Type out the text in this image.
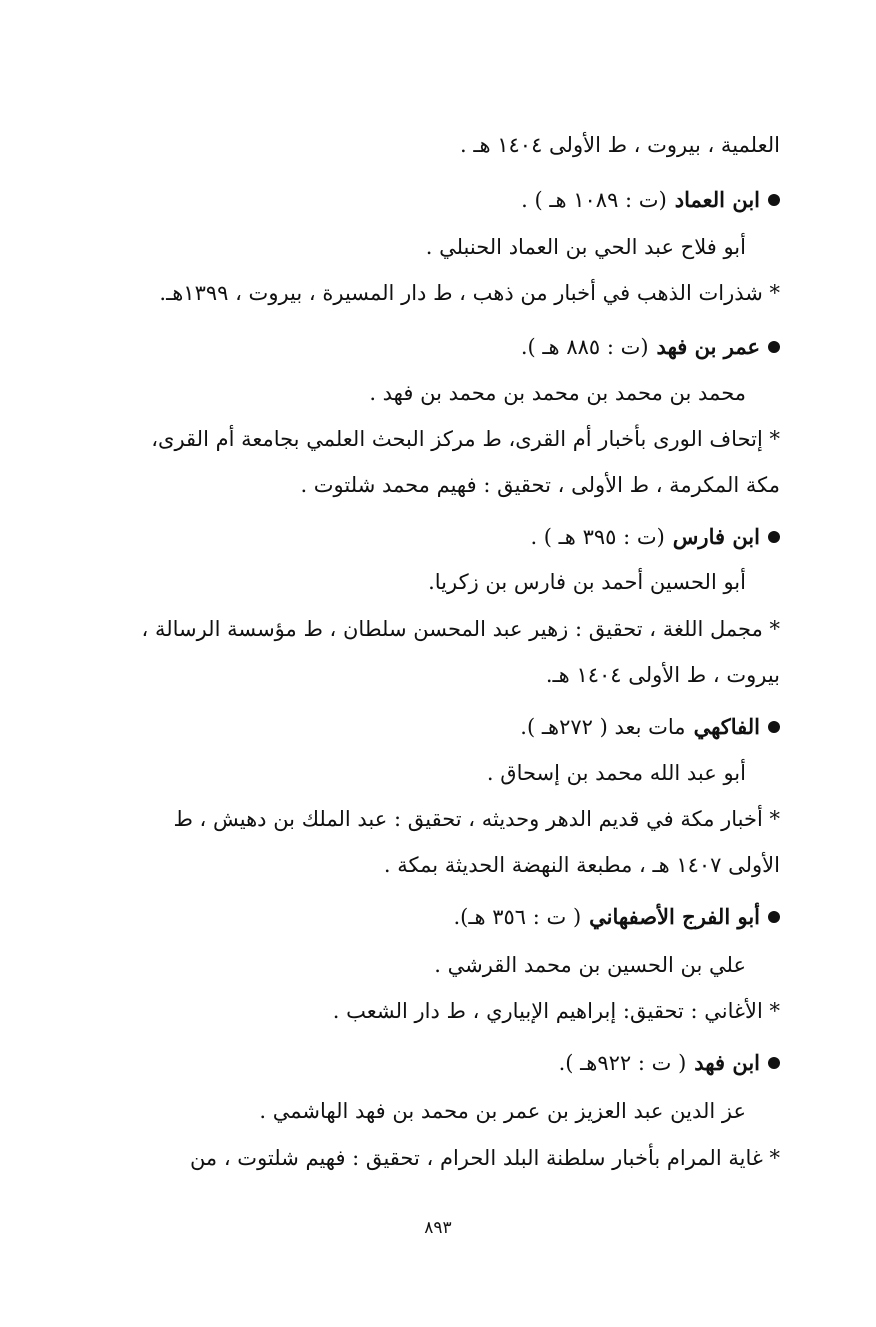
العلمية ، بيروت ، ط الأولى ١٤٠٤ هـ .
ابن العماد
(ت : ١٠٨٩ هـ ) .
أبو فلاح عبد الحي بن العماد الحنبلي .
* شذرات الذهب في أخبار من ذهب ، ط دار المسيرة ، بيروت ، ١٣٩٩هـ.
عمر بن فهد
(ت : ٨٨٥ هـ ).
محمد بن محمد بن محمد بن محمد بن فهد .
* إتحاف الورى بأخبار أم القرى، ط مركز البحث العلمي بجامعة أم القرى،
مكة المكرمة ، ط الأولى ، تحقيق : فهيم محمد شلتوت .
ابن فارس
(ت : ٣٩٥ هـ ) .
أبو الحسين أحمد بن فارس بن زكريا.
* مجمل اللغة ، تحقيق : زهير عبد المحسن سلطان ، ط مؤسسة الرسالة ،
بيروت ، ط الأولى ١٤٠٤ هـ.
الفاكهي
مات بعد ( ٢٧٢هـ ).
أبو عبد الله محمد بن إسحاق .
* أخبار مكة في قديم الدهر وحديثه ، تحقيق : عبد الملك بن دهيش ، ط
الأولى ١٤٠٧ هـ ، مطبعة النهضة الحديثة بمكة .
أبو الفرج الأصفهاني
( ت : ٣٥٦ هـ).
علي بن الحسين بن محمد القرشي .
* الأغاني : تحقيق: إبراهيم الإبياري ، ط دار الشعب .
ابن فهد
( ت : ٩٢٢هـ ).
عز الدين عبد العزيز بن عمر بن محمد بن فهد الهاشمي .
* غاية المرام بأخبار سلطنة البلد الحرام ، تحقيق : فهيم شلتوت ، من
٨٩٣
